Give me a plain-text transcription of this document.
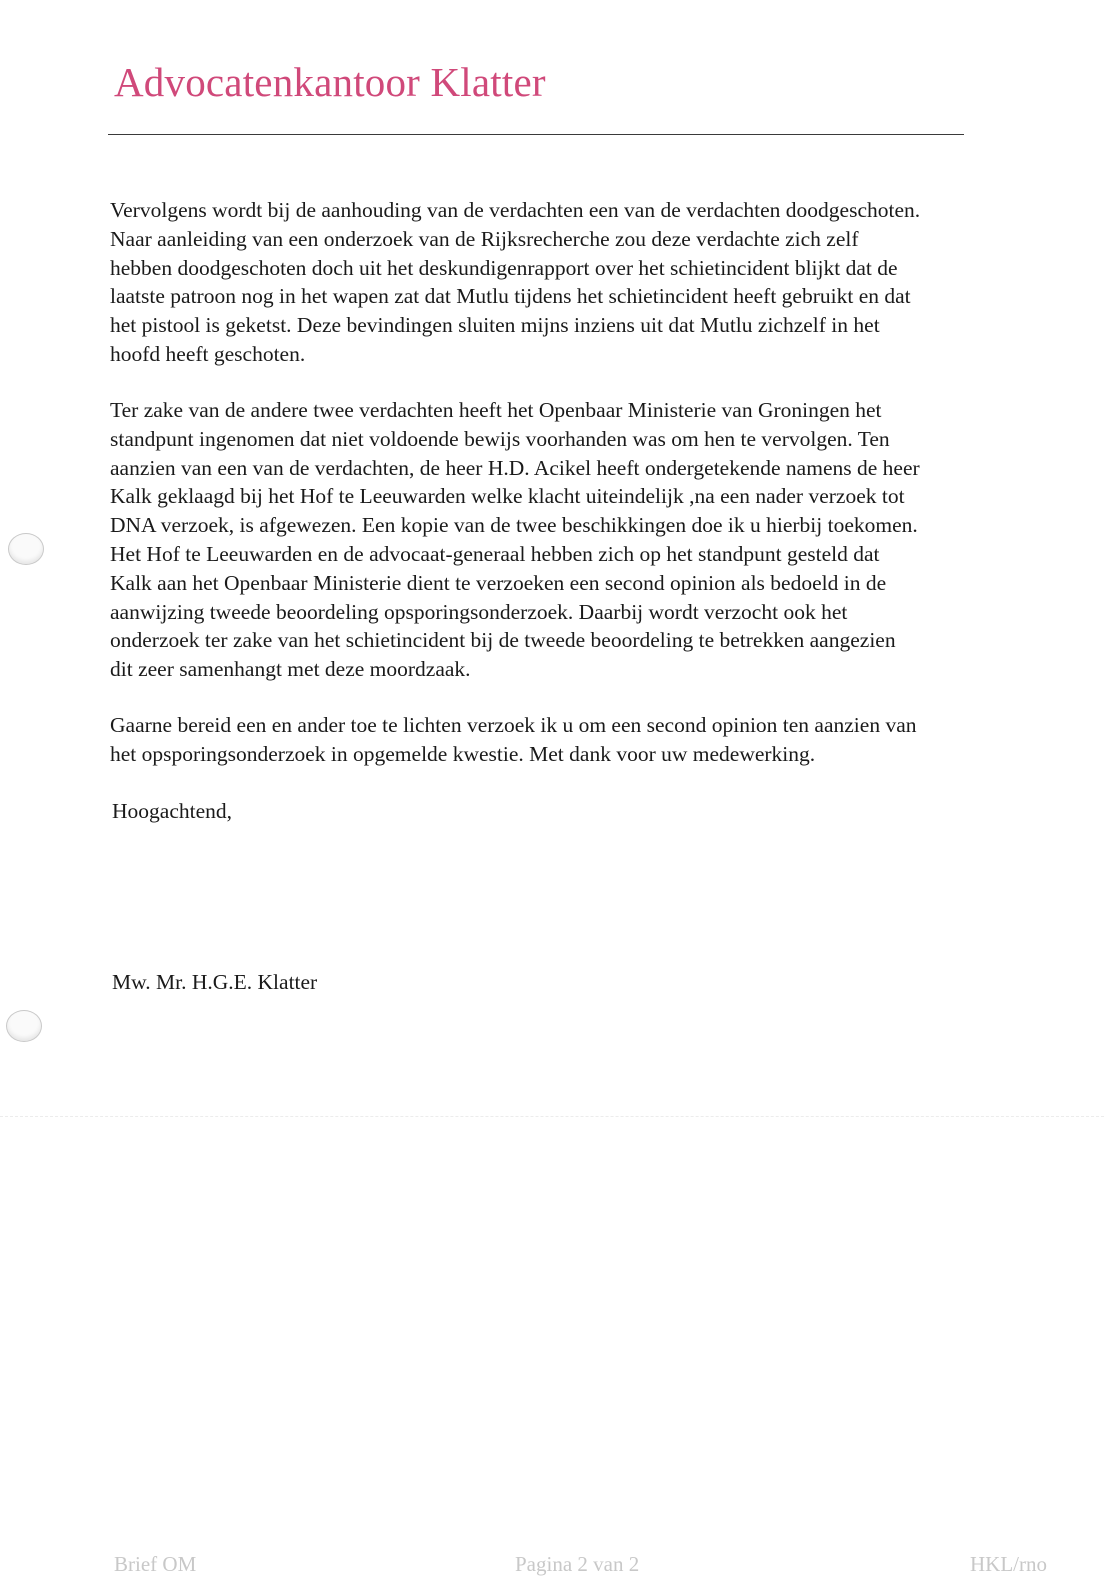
Advocatenkantoor Klatter

Vervolgens wordt bij de aanhouding van de verdachten een van de verdachten doodgeschoten.
Naar aanleiding van een onderzoek van de Rijksrecherche zou deze verdachte zich zelf
hebben doodgeschoten doch uit het deskundigenrapport over het schietincident blijkt dat de
laatste patroon nog in het wapen zat dat Mutlu tijdens het schietincident heeft gebruikt en dat
het pistool is geketst. Deze bevindingen sluiten mijns inziens uit dat Mutlu zichzelf in het
hoofd heeft geschoten.

Ter zake van de andere twee verdachten heeft het Openbaar Ministerie van Groningen het
standpunt ingenomen dat niet voldoende bewijs voorhanden was om hen te vervolgen. Ten
aanzien van een van de verdachten, de heer H.D. Acikel heeft ondergetekende namens de heer
Kalk geklaagd bij het Hof te Leeuwarden welke klacht uiteindelijk ,na een nader verzoek tot
DNA verzoek, is afgewezen. Een kopie van de twee beschikkingen doe ik u hierbij toekomen.
Het Hof te Leeuwarden en de advocaat-generaal hebben zich op het standpunt gesteld dat
Kalk aan het Openbaar Ministerie dient te verzoeken een second opinion als bedoeld in de
aanwijzing tweede beoordeling opsporingsonderzoek. Daarbij wordt verzocht ook het
onderzoek ter zake van het schietincident bij de tweede beoordeling te betrekken aangezien
dit zeer samenhangt met deze moordzaak.

Gaarne bereid een en ander toe te lichten verzoek ik u om een second opinion ten aanzien van
het opsporingsonderzoek in opgemelde kwestie. Met dank voor uw medewerking.

Hoogachtend,
Mw. Mr. H.G.E. Klatter
Brief OM	Pagina 2 van 2	HKL/rno
